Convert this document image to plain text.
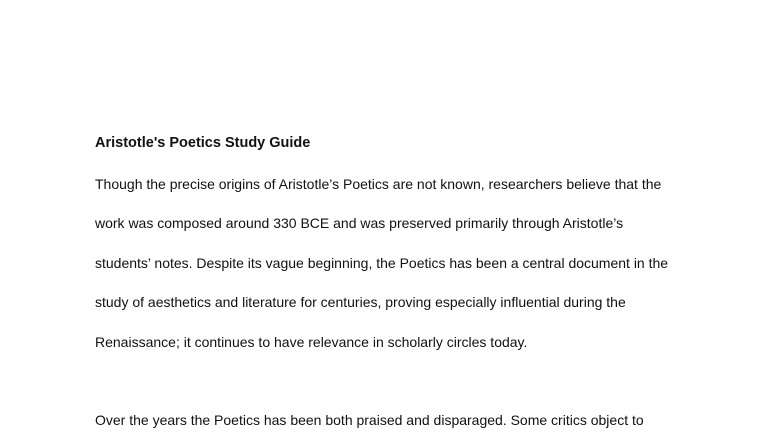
Aristotle's Poetics Study Guide

Though the precise origins of Aristotle’s Poetics are not known, researchers believe that the
work was composed around 330 BCE and was preserved primarily through Aristotle’s
students’ notes. Despite its vague beginning, the Poetics has been a central document in the
study of aesthetics and literature for centuries, proving especially influential during the
Renaissance; it continues to have relevance in scholarly circles today.

Over the years the Poetics has been both praised and disparaged. Some critics object to
